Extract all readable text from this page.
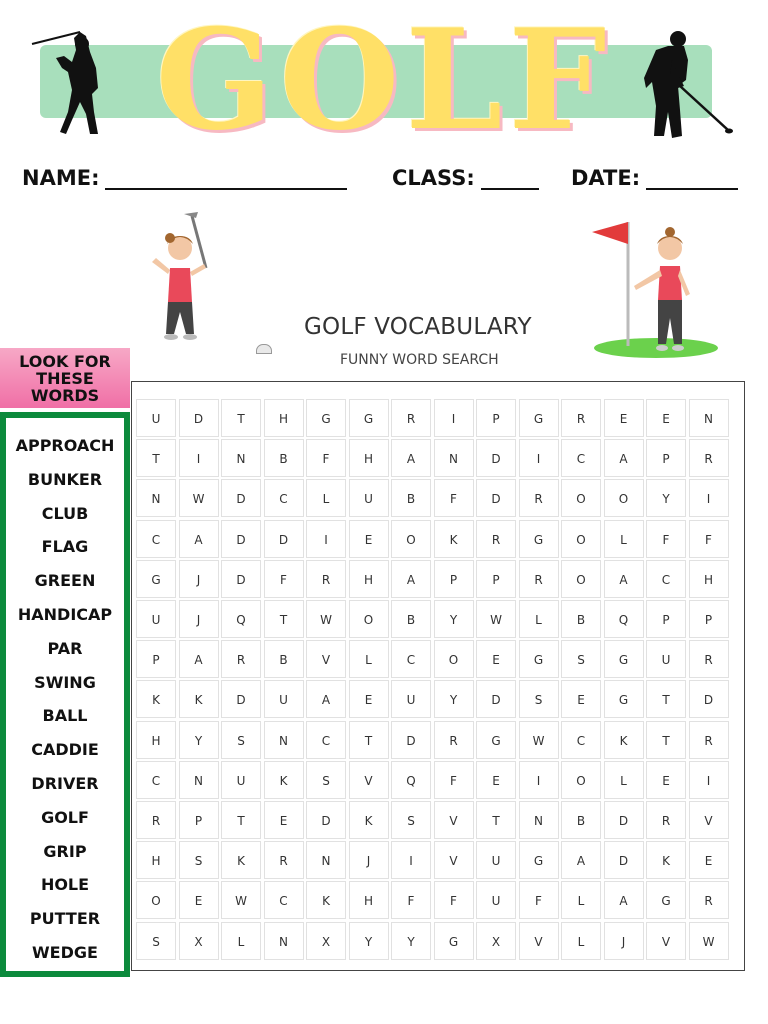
GOLF
NAME:	CLASS:	DATE:
GOLF VOCABULARY
FUNNY WORD SEARCH
LOOK FOR THESE WORDS
APPROACH
BUNKER
CLUB
FLAG
GREEN
HANDICAP
PAR
SWING
BALL
CADDIE
DRIVER
GOLF
GRIP
HOLE
PUTTER
WEDGE
U	D	T	H	G	G	R	I	P	G	R	E	E	N
T	I	N	B	F	H	A	N	D	I	C	A	P	R
N	W	D	C	L	U	B	F	D	R	O	O	Y	I
C	A	D	D	I	E	O	K	R	G	O	L	F	F
G	J	D	F	R	H	A	P	P	R	O	A	C	H
U	J	Q	T	W	O	B	Y	W	L	B	Q	P	P
P	A	R	B	V	L	C	O	E	G	S	G	U	R
K	K	D	U	A	E	U	Y	D	S	E	G	T	D
H	Y	S	N	C	T	D	R	G	W	C	K	T	R
C	N	U	K	S	V	Q	F	E	I	O	L	E	I
R	P	T	E	D	K	S	V	T	N	B	D	R	V
H	S	K	R	N	J	I	V	U	G	A	D	K	E
O	E	W	C	K	H	F	F	U	F	L	A	G	R
S	X	L	N	X	Y	Y	G	X	V	L	J	V	W
